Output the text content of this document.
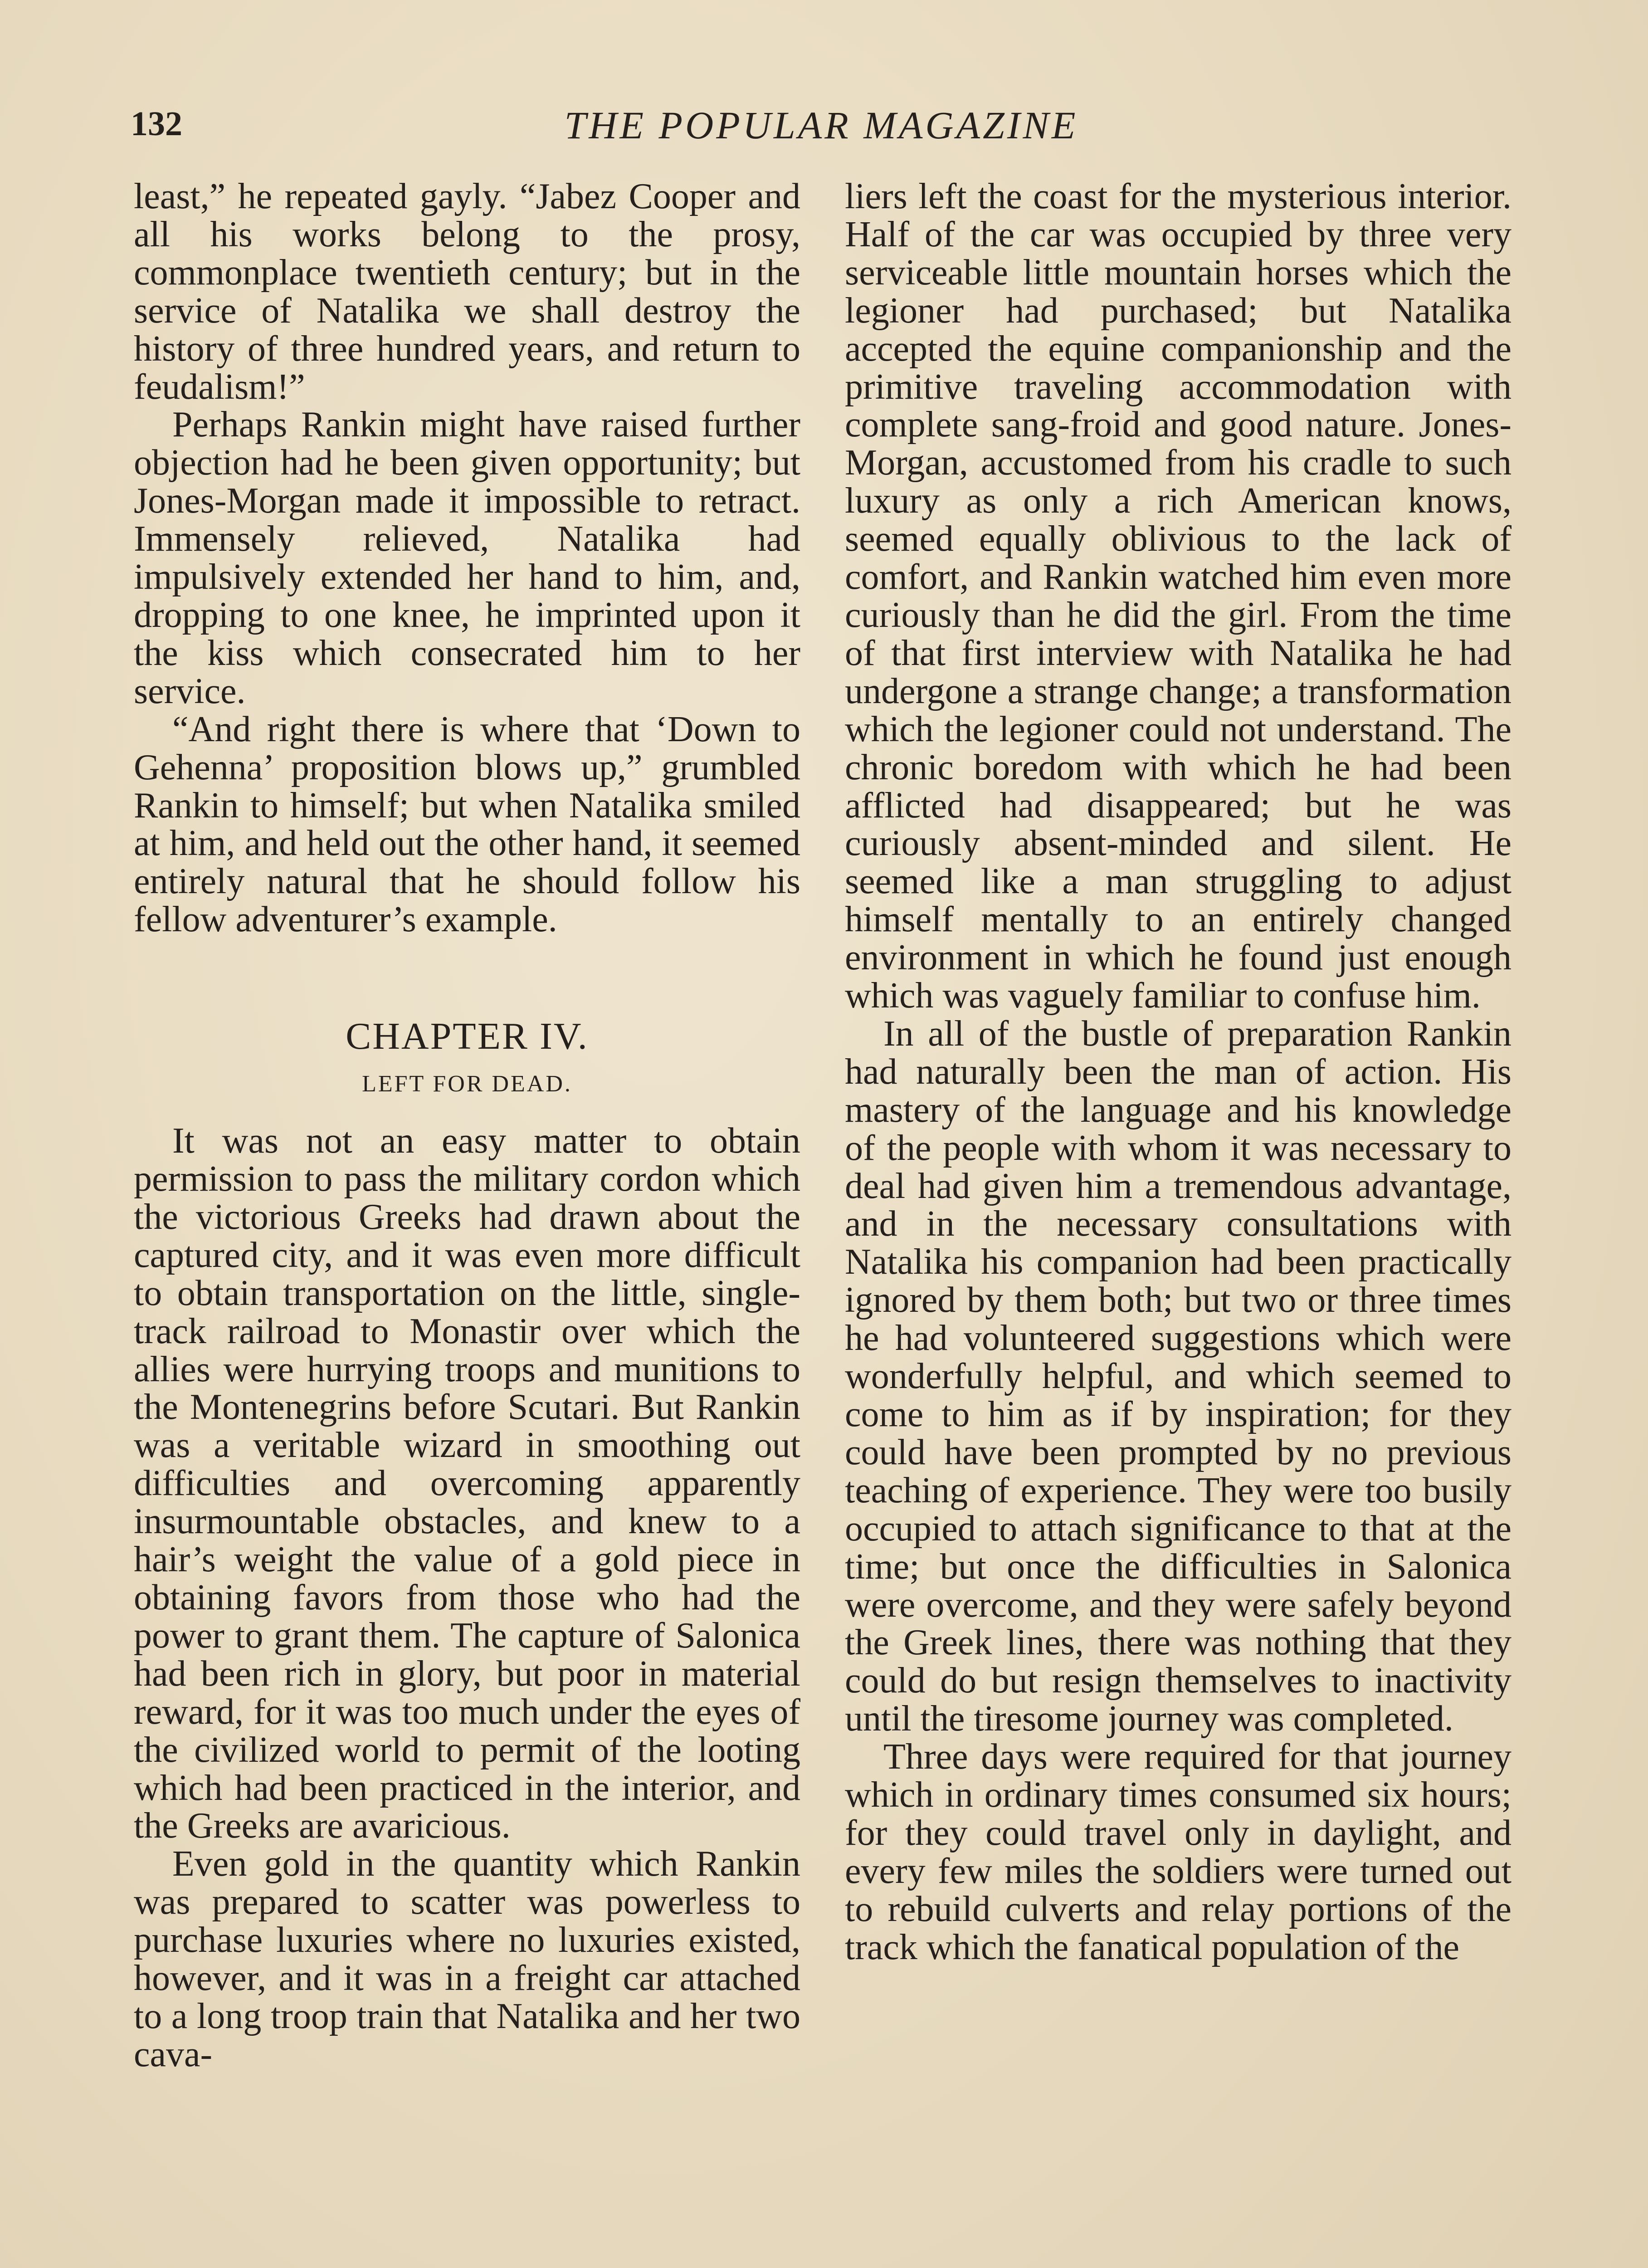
132	THE POPULAR MAGAZINE

least,” he repeated gayly. “Jabez Cooper and all his works belong to the prosy, commonplace twentieth century; but in the service of Natalika we shall destroy the history of three hundred years, and return to feudalism!”

Perhaps Rankin might have raised further objection had he been given opportunity; but Jones-Morgan made it impossible to retract. Immensely relieved, Natalika had impulsively extended her hand to him, and, dropping to one knee, he imprinted upon it the kiss which consecrated him to her service.

“And right there is where that ‘Down to Gehenna’ proposition blows up,” grumbled Rankin to himself; but when Natalika smiled at him, and held out the other hand, it seemed entirely natural that he should follow his fellow adventurer’s example.

CHAPTER IV.
LEFT FOR DEAD.

It was not an easy matter to obtain permission to pass the military cordon which the victorious Greeks had drawn about the captured city, and it was even more difficult to obtain transportation on the little, single-track railroad to Monastir over which the allies were hurrying troops and munitions to the Montenegrins before Scutari. But Rankin was a veritable wizard in smoothing out difficulties and overcoming apparently insurmountable obstacles, and knew to a hair’s weight the value of a gold piece in obtaining favors from those who had the power to grant them. The capture of Salonica had been rich in glory, but poor in material reward, for it was too much under the eyes of the civilized world to permit of the looting which had been practiced in the interior, and the Greeks are avaricious.

Even gold in the quantity which Rankin was prepared to scatter was powerless to purchase luxuries where no luxuries existed, however, and it was in a freight car attached to a long troop train that Natalika and her two cava-

liers left the coast for the mysterious interior. Half of the car was occupied by three very serviceable little mountain horses which the legioner had purchased; but Natalika accepted the equine companionship and the primitive traveling accommodation with complete sang-froid and good nature. Jones-Morgan, accustomed from his cradle to such luxury as only a rich American knows, seemed equally oblivious to the lack of comfort, and Rankin watched him even more curiously than he did the girl. From the time of that first interview with Natalika he had undergone a strange change; a transformation which the legioner could not understand. The chronic boredom with which he had been afflicted had disappeared; but he was curiously absent-minded and silent. He seemed like a man struggling to adjust himself mentally to an entirely changed environment in which he found just enough which was vaguely familiar to confuse him.

In all of the bustle of preparation Rankin had naturally been the man of action. His mastery of the language and his knowledge of the people with whom it was necessary to deal had given him a tremendous advantage, and in the necessary consultations with Natalika his companion had been practically ignored by them both; but two or three times he had volunteered suggestions which were wonderfully helpful, and which seemed to come to him as if by inspiration; for they could have been prompted by no previous teaching of experience. They were too busily occupied to attach significance to that at the time; but once the difficulties in Salonica were overcome, and they were safely beyond the Greek lines, there was nothing that they could do but resign themselves to inactivity until the tiresome journey was completed.

Three days were required for that journey which in ordinary times consumed six hours; for they could travel only in daylight, and every few miles the soldiers were turned out to rebuild culverts and relay portions of the track which the fanatical population of the
